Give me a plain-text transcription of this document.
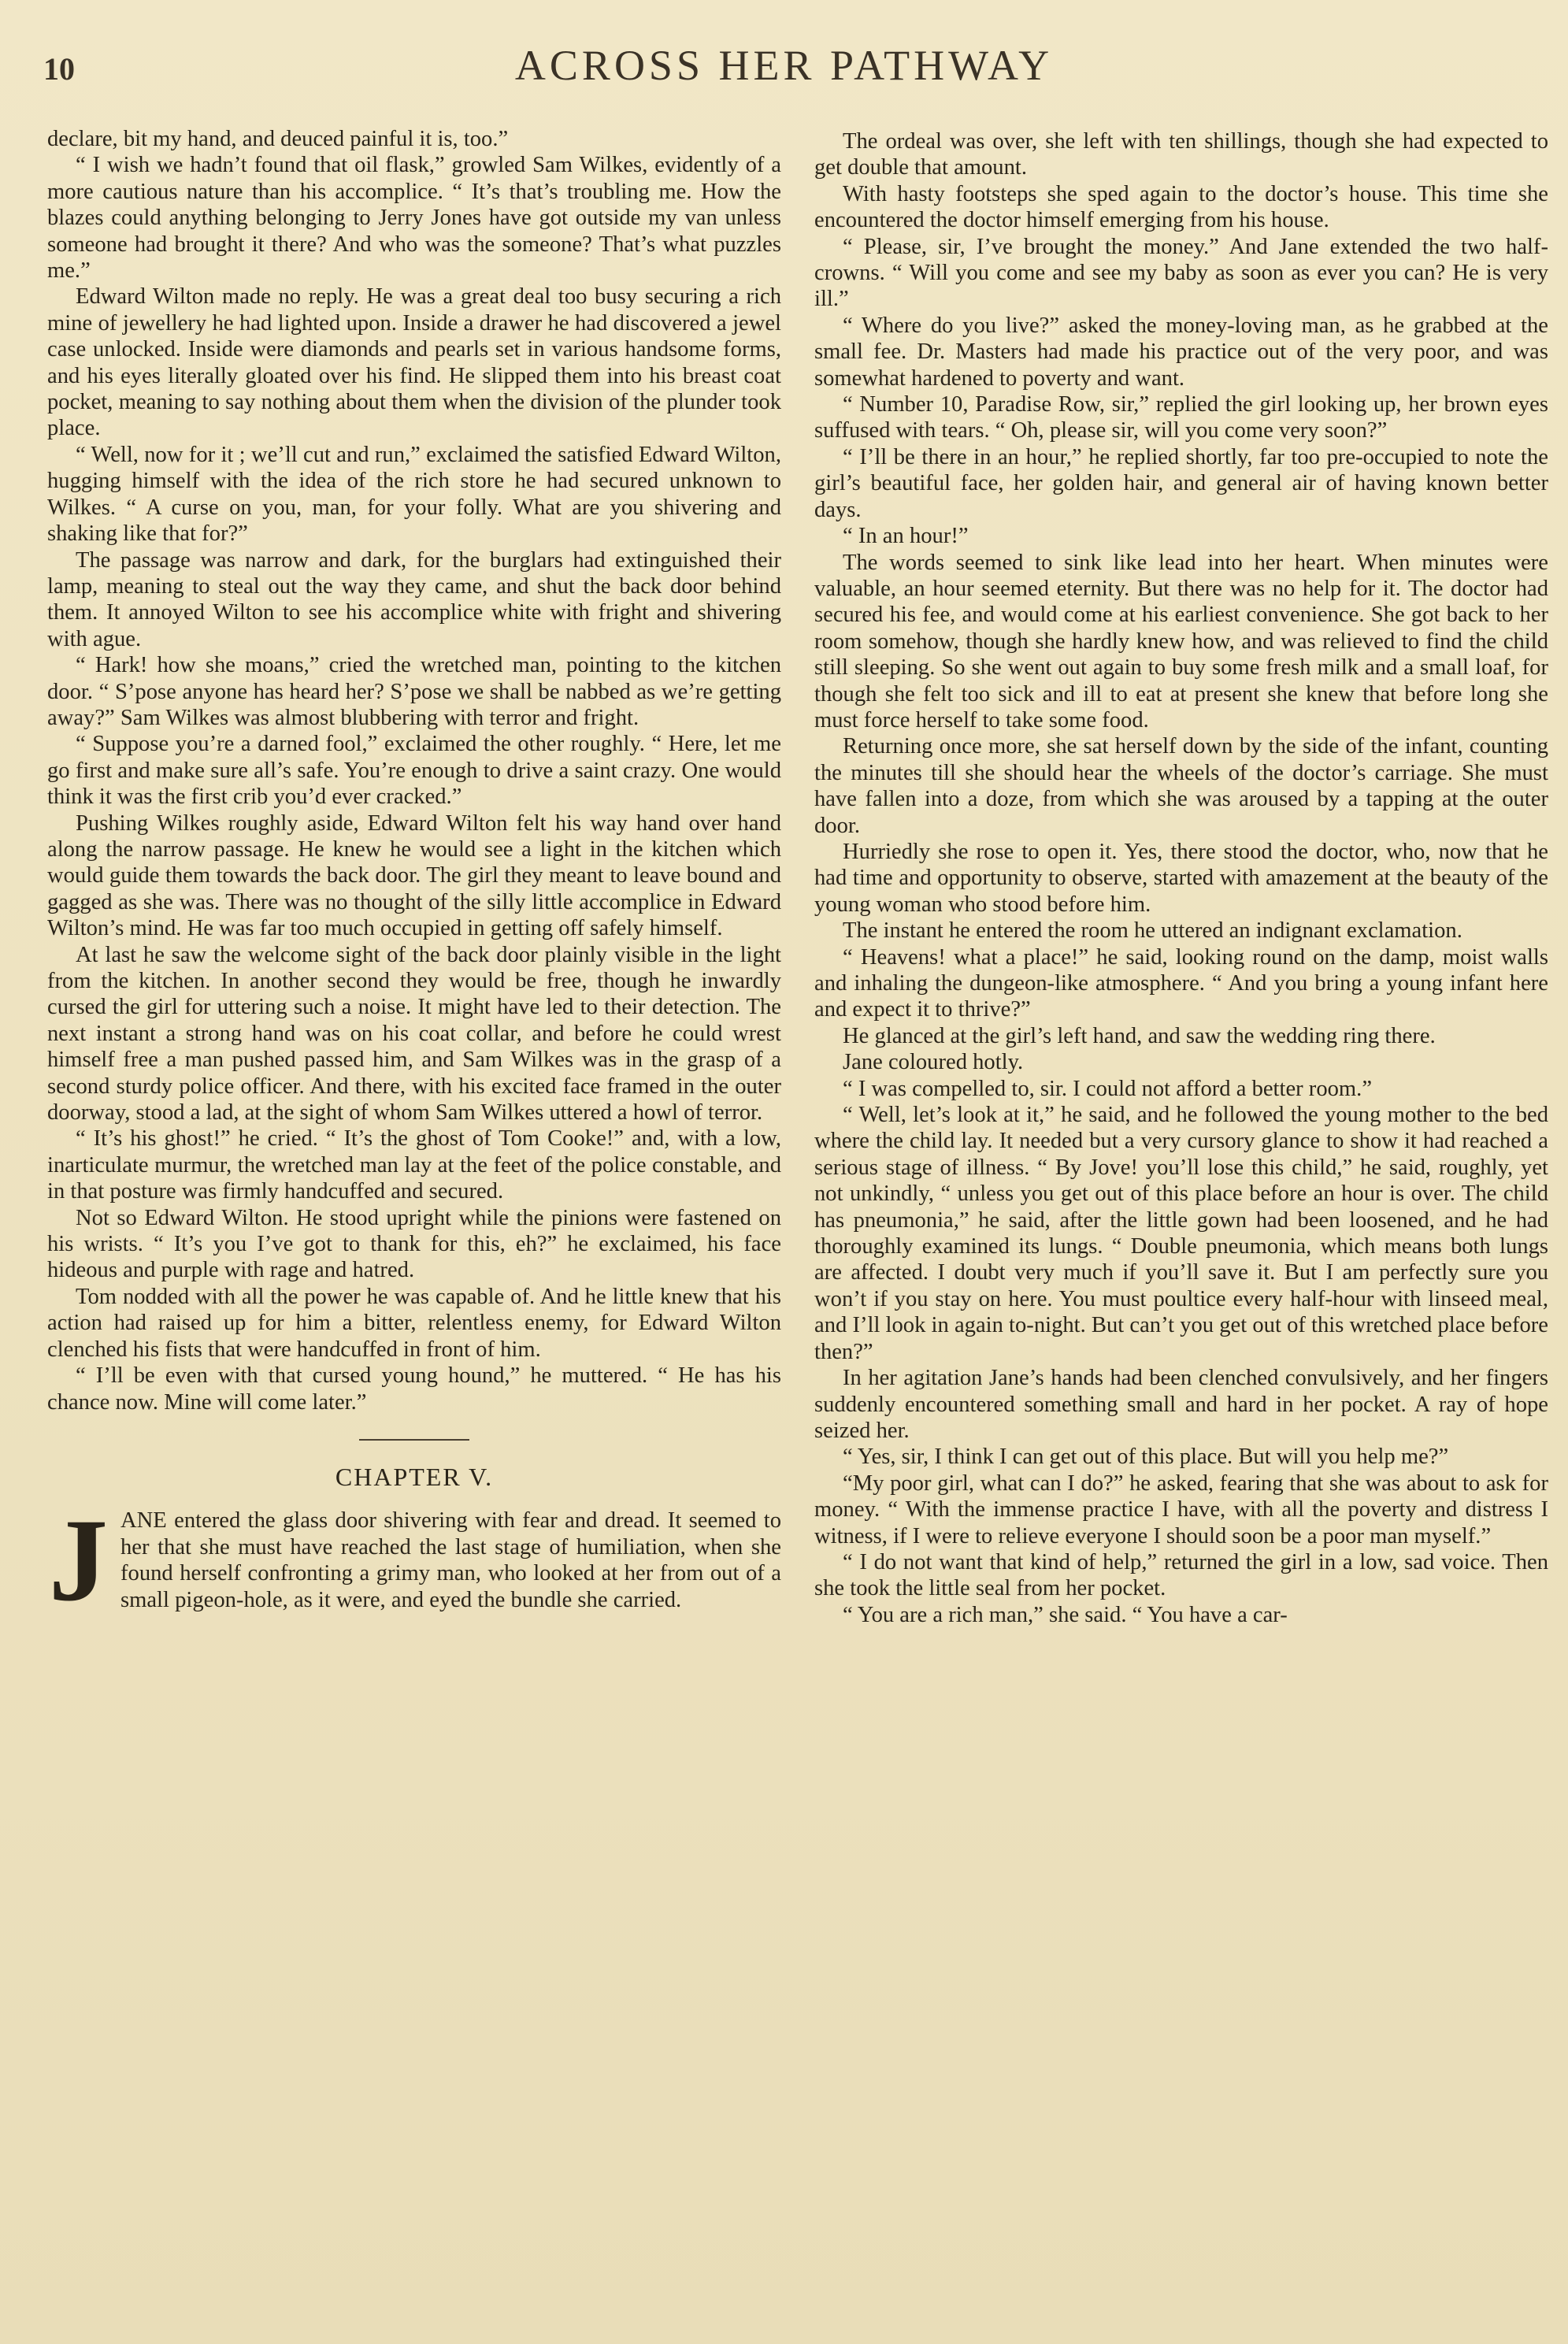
10	ACROSS HER PATHWAY

declare, bit my hand, and deuced painful it is, too.”

“ I wish we hadn’t found that oil flask,” growled Sam Wilkes, evidently of a more cautious nature than his accomplice. “ It’s that’s troubling me. How the blazes could anything belonging to Jerry Jones have got outside my van unless someone had brought it there? And who was the someone? That’s what puzzles me.”

Edward Wilton made no reply. He was a great deal too busy securing a rich mine of jewellery he had lighted upon. Inside a drawer he had discovered a jewel case unlocked. Inside were diamonds and pearls set in various handsome forms, and his eyes literally gloated over his find. He slipped them into his breast coat pocket, meaning to say nothing about them when the division of the plunder took place.

“ Well, now for it ; we’ll cut and run,” exclaimed the satisfied Edward Wilton, hugging himself with the idea of the rich store he had secured unknown to Wilkes. “ A curse on you, man, for your folly. What are you shivering and shaking like that for?”

The passage was narrow and dark, for the burglars had extinguished their lamp, meaning to steal out the way they came, and shut the back door behind them. It annoyed Wilton to see his accomplice white with fright and shivering with ague.

“ Hark! how she moans,” cried the wretched man, pointing to the kitchen door. “ S’pose anyone has heard her? S’pose we shall be nabbed as we’re getting away?” Sam Wilkes was almost blubbering with terror and fright.

“ Suppose you’re a darned fool,” exclaimed the other roughly. “ Here, let me go first and make sure all’s safe. You’re enough to drive a saint crazy. One would think it was the first crib you’d ever cracked.”

Pushing Wilkes roughly aside, Edward Wilton felt his way hand over hand along the narrow passage. He knew he would see a light in the kitchen which would guide them towards the back door. The girl they meant to leave bound and gagged as she was. There was no thought of the silly little accomplice in Edward Wilton’s mind. He was far too much occupied in getting off safely himself.

At last he saw the welcome sight of the back door plainly visible in the light from the kitchen. In another second they would be free, though he inwardly cursed the girl for uttering such a noise. It might have led to their detection. The next instant a strong hand was on his coat collar, and before he could wrest himself free a man pushed passed him, and Sam Wilkes was in the grasp of a second sturdy police officer. And there, with his excited face framed in the outer doorway, stood a lad, at the sight of whom Sam Wilkes uttered a howl of terror.

“ It’s his ghost!” he cried. “ It’s the ghost of Tom Cooke!” and, with a low, inarticulate murmur, the wretched man lay at the feet of the police constable, and in that posture was firmly handcuffed and secured.

Not so Edward Wilton. He stood upright while the pinions were fastened on his wrists. “ It’s you I’ve got to thank for this, eh?” he exclaimed, his face hideous and purple with rage and hatred.

Tom nodded with all the power he was capable of. And he little knew that his action had raised up for him a bitter, relentless enemy, for Edward Wilton clenched his fists that were handcuffed in front of him.

“ I’ll be even with that cursed young hound,” he muttered. “ He has his chance now. Mine will come later.”

CHAPTER V.

J ANE entered the glass door shivering with fear and dread. It seemed to her that she must have reached the last stage of humiliation, when she found herself confronting a grimy man, who looked at her from out of a small pigeon-hole, as it were, and eyed the bundle she carried.

The ordeal was over, she left with ten shillings, though she had expected to get double that amount.

With hasty footsteps she sped again to the doctor’s house. This time she encountered the doctor himself emerging from his house.

“ Please, sir, I’ve brought the money.” And Jane extended the two half-crowns. “ Will you come and see my baby as soon as ever you can? He is very ill.”

“ Where do you live?” asked the money-loving man, as he grabbed at the small fee. Dr. Masters had made his practice out of the very poor, and was somewhat hardened to poverty and want.

“ Number 10, Paradise Row, sir,” replied the girl looking up, her brown eyes suffused with tears. “ Oh, please sir, will you come very soon?”

“ I’ll be there in an hour,” he replied shortly, far too pre-occupied to note the girl’s beautiful face, her golden hair, and general air of having known better days.

“ In an hour!”

The words seemed to sink like lead into her heart. When minutes were valuable, an hour seemed eternity. But there was no help for it. The doctor had secured his fee, and would come at his earliest convenience. She got back to her room somehow, though she hardly knew how, and was relieved to find the child still sleeping. So she went out again to buy some fresh milk and a small loaf, for though she felt too sick and ill to eat at present she knew that before long she must force herself to take some food.

Returning once more, she sat herself down by the side of the infant, counting the minutes till she should hear the wheels of the doctor’s carriage. She must have fallen into a doze, from which she was aroused by a tapping at the outer door.

Hurriedly she rose to open it. Yes, there stood the doctor, who, now that he had time and opportunity to observe, started with amazement at the beauty of the young woman who stood before him.

The instant he entered the room he uttered an indignant exclamation.

“ Heavens! what a place!” he said, looking round on the damp, moist walls and inhaling the dungeon-like atmosphere. “ And you bring a young infant here and expect it to thrive?”

He glanced at the girl’s left hand, and saw the wedding ring there.

Jane coloured hotly.

“ I was compelled to, sir. I could not afford a better room.”

“ Well, let’s look at it,” he said, and he followed the young mother to the bed where the child lay. It needed but a very cursory glance to show it had reached a serious stage of illness. “ By Jove! you’ll lose this child,” he said, roughly, yet not unkindly, “ unless you get out of this place before an hour is over. The child has pneumonia,” he said, after the little gown had been loosened, and he had thoroughly examined its lungs. “ Double pneumonia, which means both lungs are affected. I doubt very much if you’ll save it. But I am perfectly sure you won’t if you stay on here. You must poultice every half-hour with linseed meal, and I’ll look in again to-night. But can’t you get out of this wretched place before then?”

In her agitation Jane’s hands had been clenched convulsively, and her fingers suddenly encountered something small and hard in her pocket. A ray of hope seized her.

“ Yes, sir, I think I can get out of this place. But will you help me?”

“My poor girl, what can I do?” he asked, fearing that she was about to ask for money. “ With the immense practice I have, with all the poverty and distress I witness, if I were to relieve everyone I should soon be a poor man myself.”

“ I do not want that kind of help,” returned the girl in a low, sad voice. Then she took the little seal from her pocket.

“ You are a rich man,” she said. “ You have a car-
